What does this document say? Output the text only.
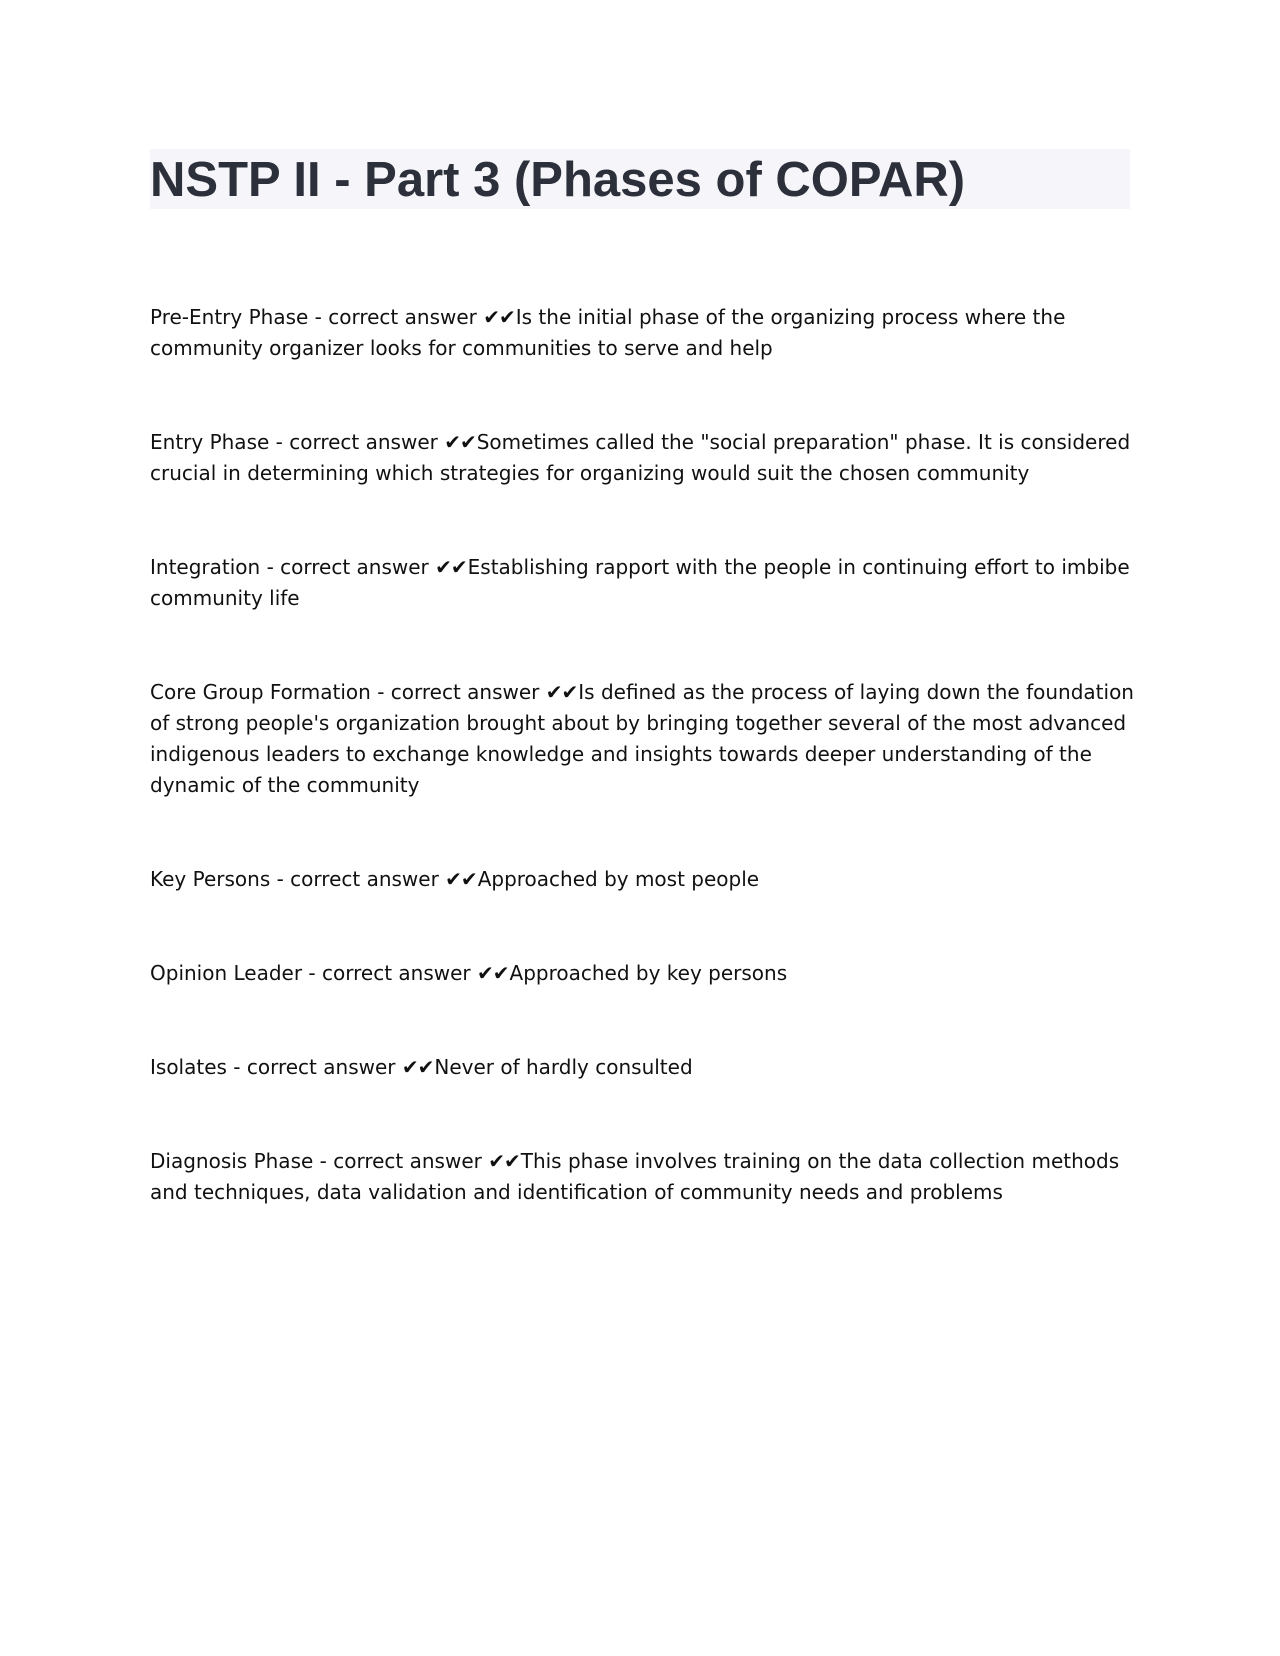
NSTP II - Part 3 (Phases of COPAR)

Pre-Entry Phase - correct answer ✔✔Is the initial phase of the organizing process where the community organizer looks for communities to serve and help

Entry Phase - correct answer ✔✔Sometimes called the "social preparation" phase. It is considered crucial in determining which strategies for organizing would suit the chosen community

Integration - correct answer ✔✔Establishing rapport with the people in continuing effort to imbibe community life

Core Group Formation - correct answer ✔✔Is defined as the process of laying down the foundation of strong people's organization brought about by bringing together several of the most advanced indigenous leaders to exchange knowledge and insights towards deeper understanding of the dynamic of the community

Key Persons - correct answer ✔✔Approached by most people

Opinion Leader - correct answer ✔✔Approached by key persons

Isolates - correct answer ✔✔Never of hardly consulted

Diagnosis Phase - correct answer ✔✔This phase involves training on the data collection methods and techniques, data validation and identification of community needs and problems
